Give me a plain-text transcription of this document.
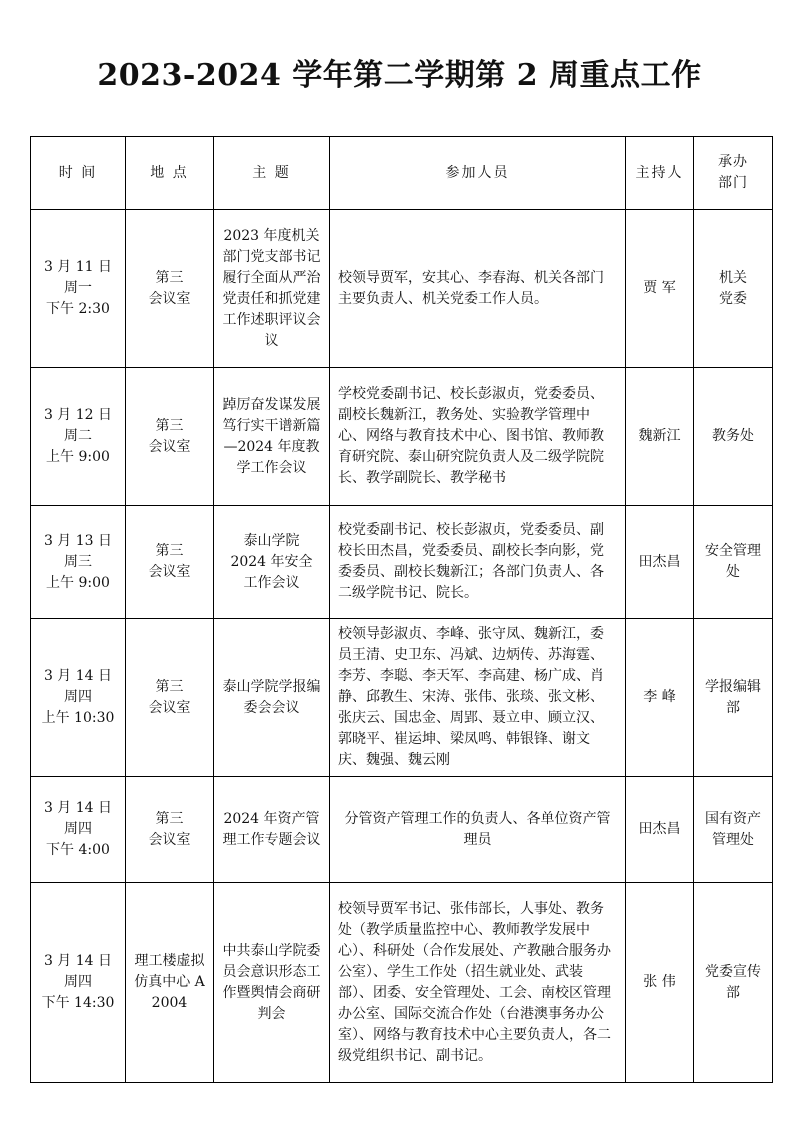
2023-2024 学年第二学期第 2 周重点工作
时 间	地 点	主 题	参加人员	主持人	承办
部门

3 月 11 日
周一
下午 2:30	第三
会议室	2023 年度机关部门党支部书记履行全面从严治党责任和抓党建工作述职评议会议	校领导贾军，安其心、李春海、机关各部门主要负责人、机关党委工作人员。	贾 军	机关
党委

3 月 12 日
周二
上午 9:00	第三
会议室	踔厉奋发谋发展 笃行实干谱新篇—2024 年度教学工作会议	学校党委副书记、校长彭淑贞，党委委员、副校长魏新江，教务处、实验教学管理中心、网络与教育技术中心、图书馆、教师教育研究院、泰山研究院负责人及二级学院院长、教学副院长、教学秘书	魏新江	教务处

3 月 13 日
周三
上午 9:00	第三
会议室	泰山学院
2024 年安全
工作会议	校党委副书记、校长彭淑贞，党委委员、副校长田杰昌，党委委员、副校长李向影，党委委员、副校长魏新江；各部门负责人、各二级学院书记、院长。	田杰昌	安全管理处

3 月 14 日
周四
上午 10:30	第三
会议室	泰山学院学报编委会会议	校领导彭淑贞、李峰、张守凤、魏新江，委员王清、史卫东、冯斌、边炳传、苏海霆、李芳、李聪、李天军、李高建、杨广成、肖静、邱教生、宋涛、张伟、张琰、张文彬、张庆云、国忠金、周郢、聂立申、顾立汉、郭晓平、崔运坤、梁凤鸣、韩银锋、谢文庆、魏强、魏云刚	李 峰	学报编辑部

3 月 14 日
周四
下午 4:00	第三
会议室	2024 年资产管理工作专题会议	分管资产管理工作的负责人、各单位资产管理员	田杰昌	国有资产管理处

3 月 14 日
周四
下午 14:30	理工楼虚拟仿真中心 A2004	中共泰山学院委员会意识形态工作暨舆情会商研判会	校领导贾军书记、张伟部长，人事处、教务处（教学质量监控中心、教师教学发展中心）、科研处（合作发展处、产教融合服务办公室）、学生工作处（招生就业处、武装部）、团委、安全管理处、工会、南校区管理办公室、国际交流合作处（台港澳事务办公室）、网络与教育技术中心主要负责人，各二级党组织书记、副书记。	张 伟	党委宣传部
